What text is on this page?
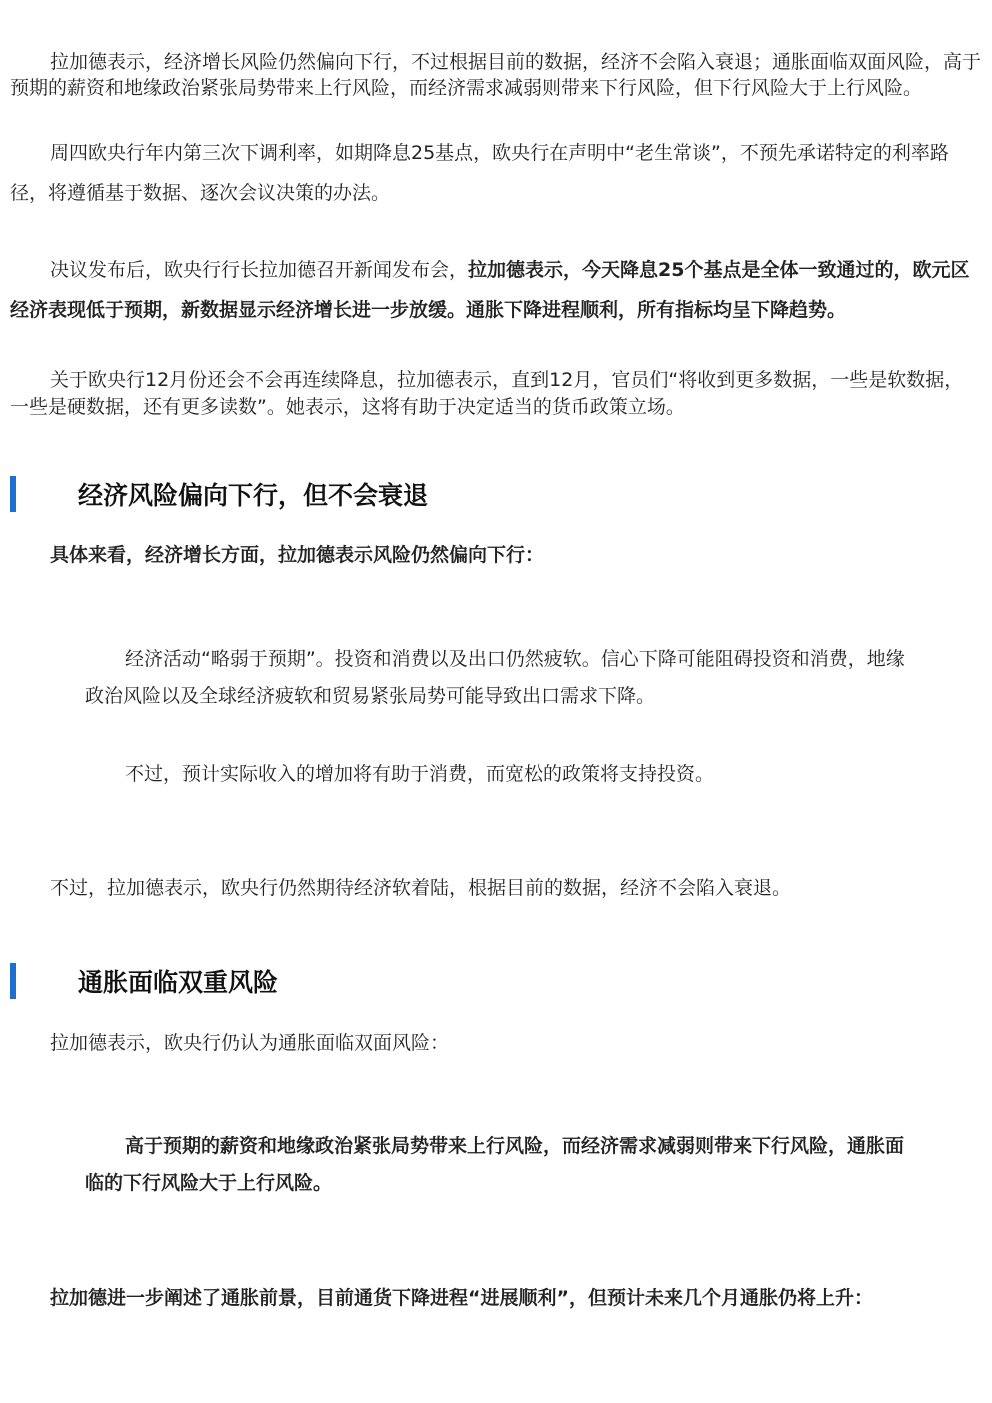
拉加德表示，经济增长风险仍然偏向下行，不过根据目前的数据，经济不会陷入衰退；通胀面临双面风险，高于预期的薪资和地缘政治紧张局势带来上行风险，而经济需求减弱则带来下行风险，但下行风险大于上行风险。

周四欧央行年内第三次下调利率，如期降息25基点，欧央行在声明中“老生常谈”，不预先承诺特定的利率路径，将遵循基于数据、逐次会议决策的办法。

决议发布后，欧央行行长拉加德召开新闻发布会，拉加德表示，今天降息25个基点是全体一致通过的，欧元区经济表现低于预期，新数据显示经济增长进一步放缓。通胀下降进程顺利，所有指标均呈下降趋势。

关于欧央行12月份还会不会再连续降息，拉加德表示，直到12月，官员们“将收到更多数据，一些是软数据，一些是硬数据，还有更多读数”。她表示，这将有助于决定适当的货币政策立场。

经济风险偏向下行，但不会衰退

具体来看，经济增长方面，拉加德表示风险仍然偏向下行：

经济活动“略弱于预期”。投资和消费以及出口仍然疲软。信心下降可能阻碍投资和消费，地缘政治风险以及全球经济疲软和贸易紧张局势可能导致出口需求下降。

不过，预计实际收入的增加将有助于消费，而宽松的政策将支持投资。

不过，拉加德表示，欧央行仍然期待经济软着陆，根据目前的数据，经济不会陷入衰退。

通胀面临双重风险

拉加德表示，欧央行仍认为通胀面临双面风险：

高于预期的薪资和地缘政治紧张局势带来上行风险，而经济需求减弱则带来下行风险，通胀面临的下行风险大于上行风险。

拉加德进一步阐述了通胀前景，目前通货下降进程“进展顺利”，但预计未来几个月通胀仍将上升：
